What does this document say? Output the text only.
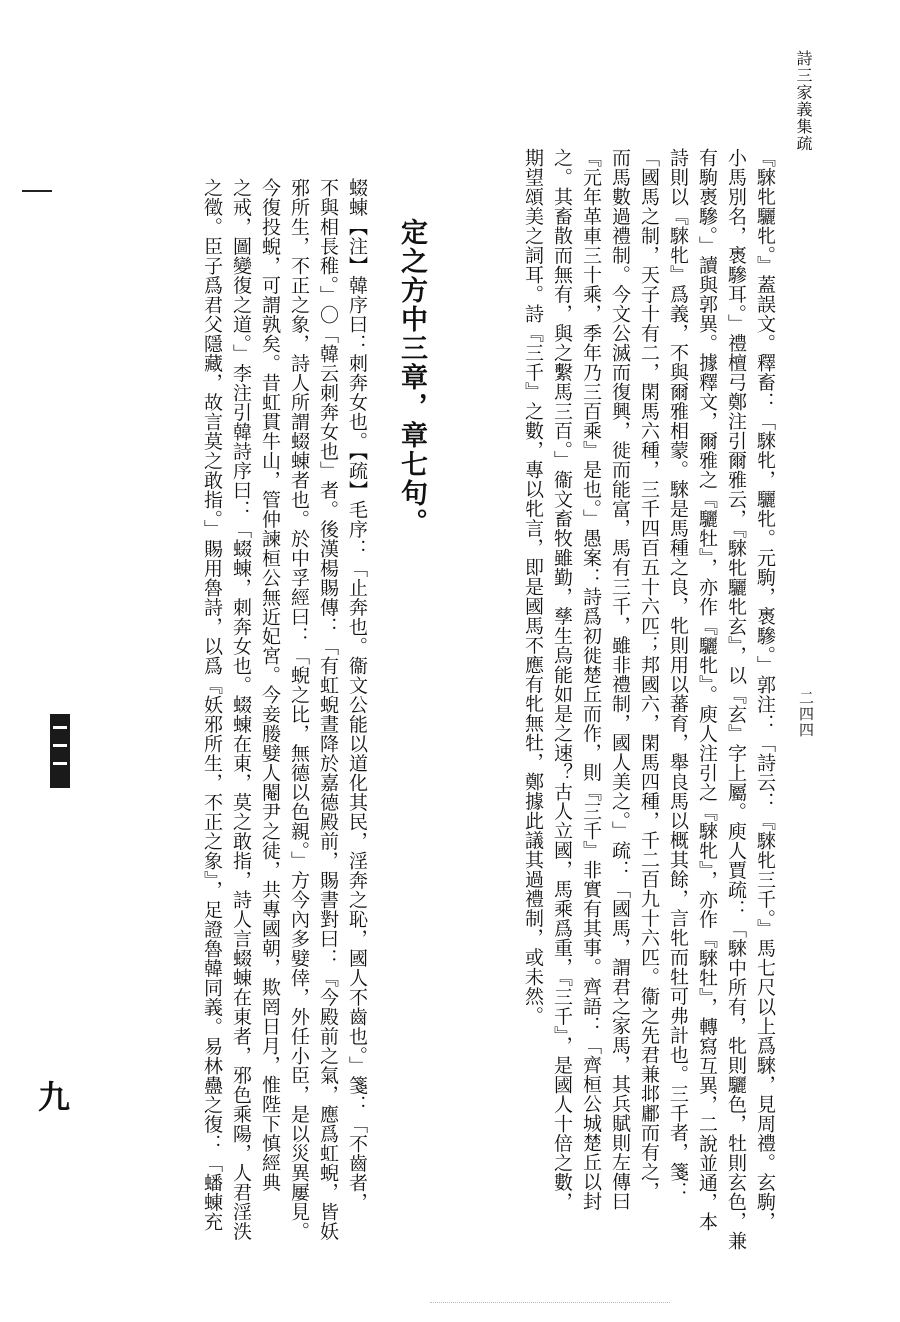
詩三家義集疏
二四四
『騋牝驪牝。』蓋誤文。釋畜：「騋牝，驪牝。元駒，褭驂。」郭注：「詩云：『騋牝三千。』馬七尺以上爲騋，見周禮。玄駒，
小馬別名，褭驂耳。」禮檀弓鄭注引爾雅云，『騋牝驪牝玄』，以『玄』字上屬。庾人賈疏：「騋中所有，牝則驪色，牡則玄色，兼
有駒褭驂。」讀與郭異。據釋文，爾雅之『驪牡』，亦作『驪牝』。庾人注引之『騋牝』，亦作『騋牡』，轉寫互異，二說並通，本
詩則以『騋牝』爲義，不與爾雅相蒙。騋是馬種之良，牝則用以蕃育，舉良馬以概其餘，言牝而牡可弗計也。三千者，箋：
「國馬之制，天子十有二，閑馬六種，三千四百五十六匹；邦國六，閑馬四種，千二百九十六匹。衞之先君兼邶鄘而有之，
而馬數過禮制。今文公滅而復興，徙而能富，馬有三千，雖非禮制，國人美之。」疏：「國馬，謂君之家馬，其兵賦則左傳曰
『元年革車三十乘，季年乃三百乘』是也。」愚案：詩爲初徙楚丘而作，則『三千』非實有其事。齊語：「齊桓公城楚丘以封
之。其畜散而無有，與之繫馬三百。」衞文畜牧雖勤，孳生烏能如是之速？古人立國，馬乘爲重，『三千』，是國人十倍之數，
期望頌美之詞耳。詩『三千』之數，專以牝言，即是國馬不應有牝無牡，鄭據此議其過禮制，或未然。
定之方中三章，章七句。
蝃蝀【注】韓序曰：刺奔女也。【疏】毛序：「止奔也。衞文公能以道化其民，淫奔之恥，國人不齒也。」箋：「不齒者，
不與相長稚。」〇「韓云刺奔女也」者。後漢楊賜傳：「有虹蜺晝降於嘉德殿前，賜書對曰：『今殿前之氣，應爲虹蜺，皆妖
邪所生，不正之象，詩人所謂蝃蝀者也。於中孚經曰：「蜺之比，無德以色親。」方今內多嬖倖，外任小臣，是以災異屢見。
今復投蜺，可謂孰矣。昔虹貫牛山，管仲諫桓公無近妃宮。今妾媵嬖人閹尹之徒，共專國朝，欺罔日月，惟陛下慎經典
之戒，圖變復之道。」李注引韓詩序曰：「蝃蝀，刺奔女也。蝃蝀在東，莫之敢指，詩人言蝃蝀在東者，邪色乘陽，人君淫泆
之徵。臣子爲君父隱藏，故言莫之敢指。」賜用魯詩，以爲『妖邪所生，不正之象』，足證魯韓同義。易林蠱之復：「蟠蝀充
九
